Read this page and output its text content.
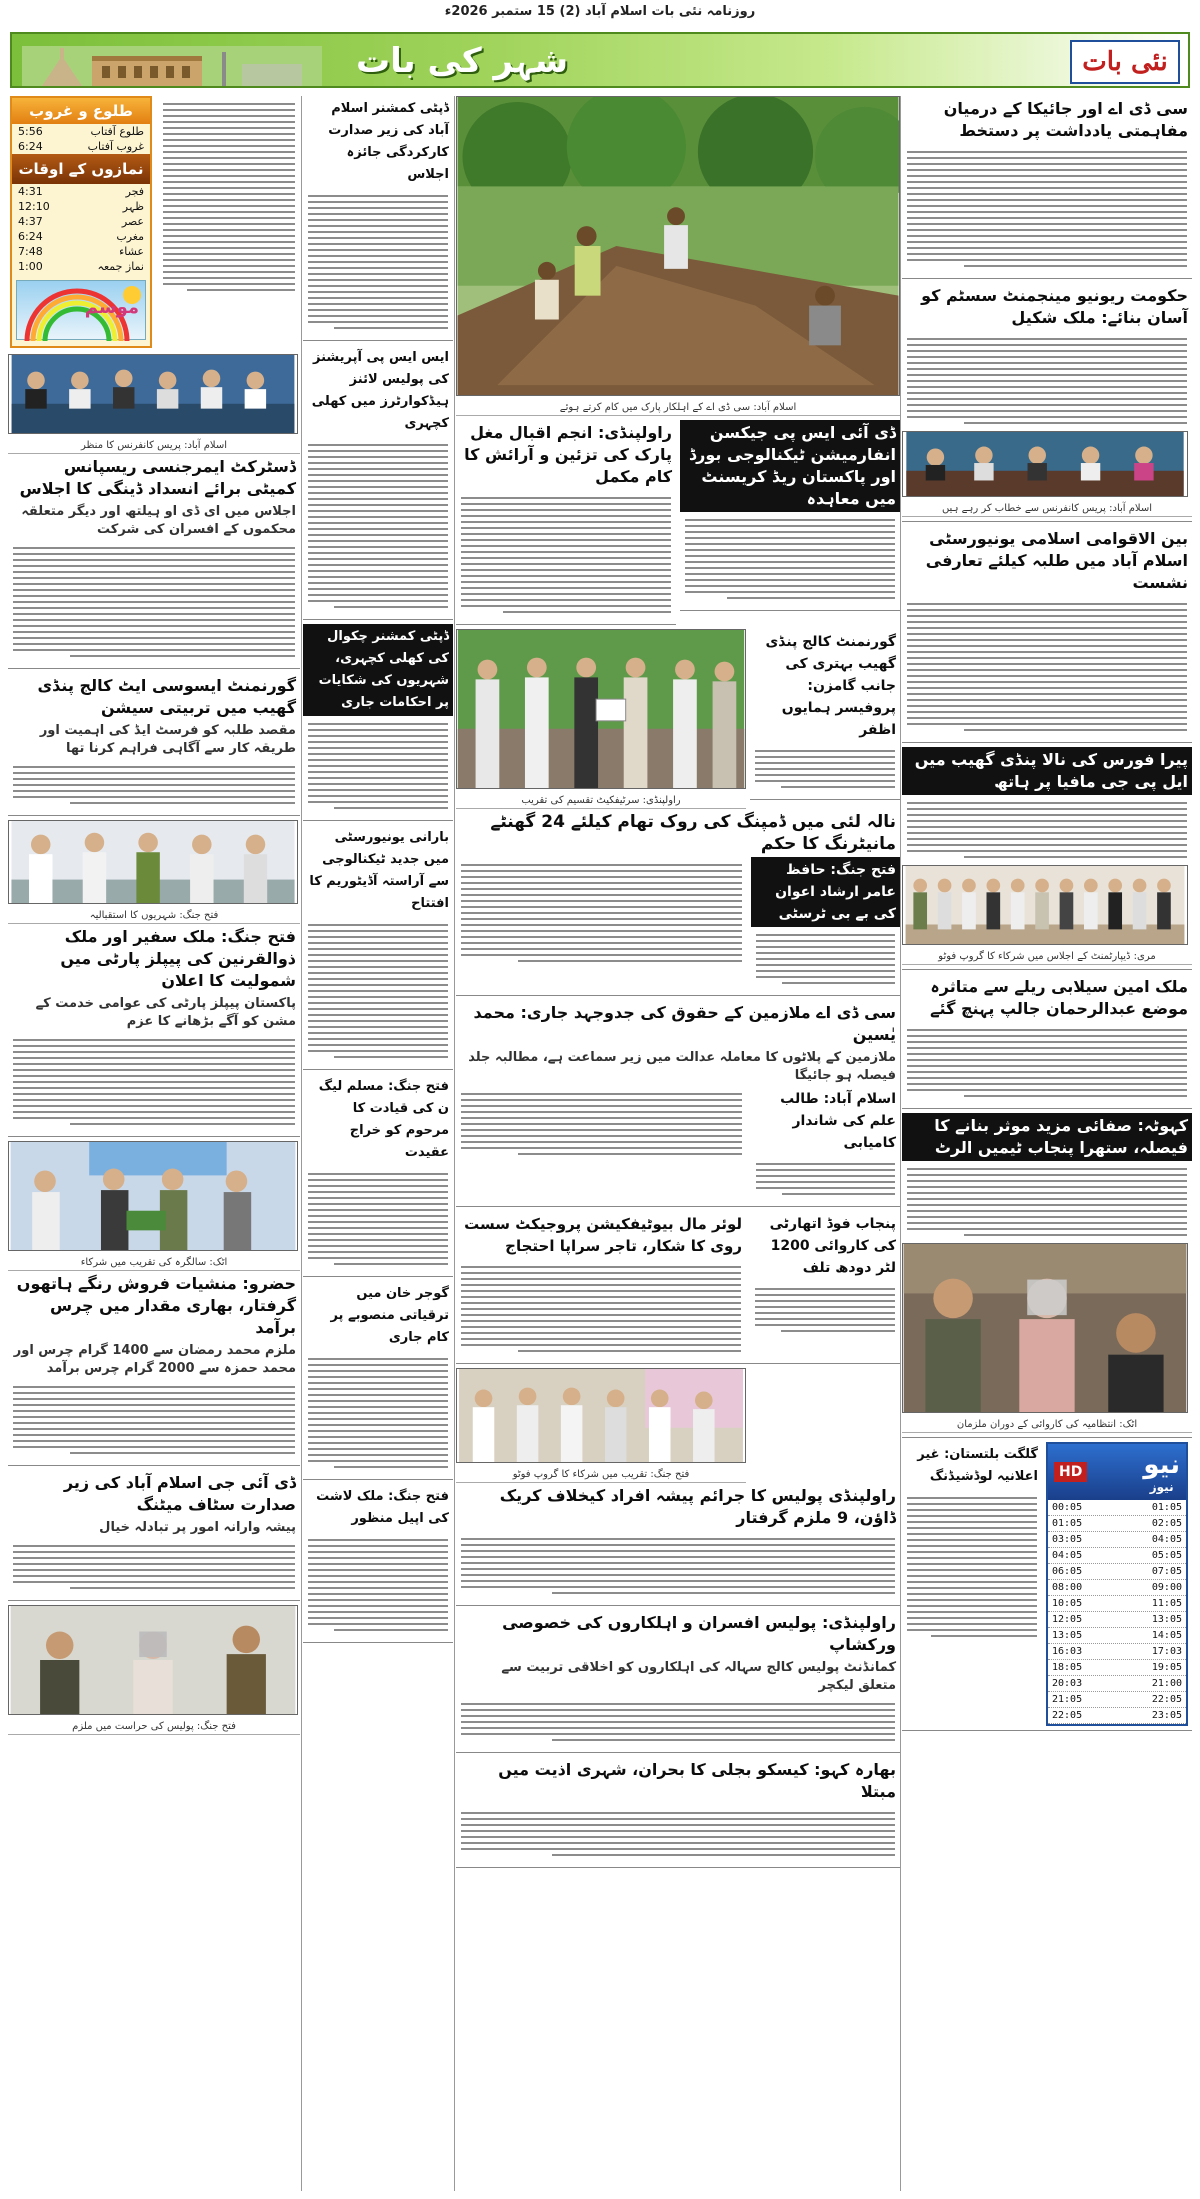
روزنامہ نئی بات اسلام آباد (2) 15 ستمبر 2026ء
شہر کی بات	نئی بات
سی ڈی اے اور جائیکا کے درمیان مفاہمتی یادداشت پر دستخط
حکومت ریونیو مینجمنٹ سسٹم کو آسان بنائے: ملک شکیل
اسلام آباد: پریس کانفرنس سے خطاب کر رہے ہیں
بین الاقوامی اسلامی یونیورسٹی اسلام آباد میں طلبہ کیلئے تعارفی نشست
پیرا فورس کی نالا پنڈی گھیب میں ایل پی جی مافیا پر ہاتھ
مری: ڈیپارٹمنٹ کے اجلاس میں شرکاء کا گروپ فوٹو
ملک امین سیلابی ریلے سے متاثرہ موضع عبدالرحمان جالپ پہنچ گئے
کہوٹہ: صفائی مزید موثر بنانے کا فیصلہ، ستھرا پنجاب ٹیمیں الرٹ
اٹک: انتظامیہ کی کاروائی کے دوران ملزمان
گلگت بلتستان: غیر اعلانیہ لوڈشیڈنگ	HD نیو
نیوز
00:05	01:05
01:05	02:05
03:05	04:05
04:05	05:05
06:05	07:05
08:00	09:00
10:05	11:05
12:05	13:05
13:05	14:05
16:03	17:03
18:05	19:05
20:03	21:00
21:05	22:05
22:05	23:05
اسلام آباد: سی ڈی اے کے اہلکار پارک میں کام کرتے ہوئے
راولپنڈی: انجم اقبال مغل پارک کی تزئین و آرائش کا کام مکمل
ڈی آئی ایس پی جیکسن انفارمیشن ٹیکنالوجی بورڈ اور پاکستان ریڈ کریسنٹ میں معاہدہ
راولپنڈی: سرٹیفکیٹ تقسیم کی تقریب
گورنمنٹ کالج پنڈی گھیب بہتری کی جانب گامزن: پروفیسر ہمایوں اظفر
نالہ لئی میں ڈمپنگ کی روک تھام کیلئے 24 گھنٹے مانیٹرنگ کا حکم
فتح جنگ: حافظ عامر ارشاد اعوان کی بے بی ٹرسٹی
سی ڈی اے ملازمین کے حقوق کی جدوجہد جاری: محمد یٰسین
ملازمین کے پلاٹوں کا معاملہ عدالت میں زیر سماعت ہے، مطالبہ جلد فیصلہ ہو جائیگا
اسلام آباد: طالب علم کی شاندار کامیابی
لوئر مال بیوٹیفکیشن پروجیکٹ سست روی کا شکار، تاجر سراپا احتجاج
پنجاب فوڈ اتھارٹی کی کاروائی 1200 لٹر دودھ تلف
فتح جنگ: تقریب میں شرکاء کا گروپ فوٹو
راولپنڈی پولیس کا جرائم پیشہ افراد کیخلاف کریک ڈاؤن، 9 ملزم گرفتار
راولپنڈی: پولیس افسران و اہلکاروں کی خصوصی ورکشاپ
کمانڈنٹ پولیس کالج سہالہ کی اہلکاروں کو اخلاقی تربیت سے متعلق لیکچر
بھارہ کہو: کیسکو بجلی کا بحران، شہری اذیت میں مبتلا
ڈپٹی کمشنر اسلام آباد کی زیر صدارت کارکردگی جائزہ اجلاس
ایس ایس پی آپریشنز کی پولیس لائنز ہیڈکوارٹرز میں کھلی کچہری
ڈپٹی کمشنر چکوال کی کھلی کچہری، شہریوں کی شکایات پر احکامات جاری
بارانی یونیورسٹی میں جدید ٹیکنالوجی سے آراستہ آڈیٹوریم کا افتتاح
فتح جنگ: مسلم لیگ ن کی قیادت کا مرحوم کو خراج عقیدت
گوجر خان میں ترقیاتی منصوبے پر کام جاری
فتح جنگ: ملک لاشت کی اپیل منظور
طلوع و غروب
5:56	طلوع آفتاب
6:24	غروب آفتاب
نمازوں کے اوقات
4:31	فجر
12:10	ظہر
4:37	عصر
6:24	مغرب
7:48	عشاء
1:00	نماز جمعہ
موسم
اسلام آباد: پریس کانفرنس کا منظر
ڈسٹرکٹ ایمرجنسی ریسپانس کمیٹی برائے انسداد ڈینگی کا اجلاس
اجلاس میں ای ڈی او ہیلتھ اور دیگر متعلقہ محکموں کے افسران کی شرکت
گورنمنٹ ایسوسی ایٹ کالج پنڈی گھیب میں تربیتی سیشن
مقصد طلبہ کو فرسٹ ایڈ کی اہمیت اور طریقہ کار سے آگاہی فراہم کرنا تھا
فتح جنگ: شہریوں کا استقبالیہ
فتح جنگ: ملک سفیر اور ملک ذوالقرنین کی پیپلز پارٹی میں شمولیت کا اعلان
پاکستان پیپلز پارٹی کی عوامی خدمت کے مشن کو آگے بڑھانے کا عزم
اٹک: سالگرہ کی تقریب میں شرکاء
حضرو: منشیات فروش رنگے ہاتھوں گرفتار، بھاری مقدار میں چرس برآمد
ملزم محمد رمضان سے 1400 گرام چرس اور محمد حمزہ سے 2000 گرام چرس برآمد
ڈی آئی جی اسلام آباد کی زیر صدارت سٹاف میٹنگ
پیشہ وارانہ امور پر تبادلہ خیال
فتح جنگ: پولیس کی حراست میں ملزم
